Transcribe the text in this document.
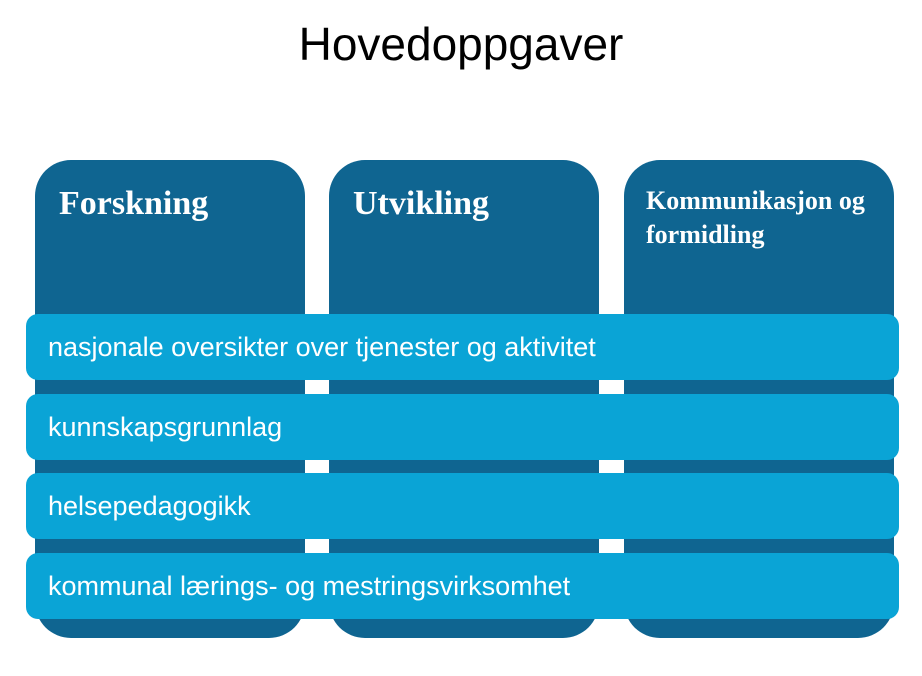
Hovedoppgaver
Forskning	Utvikling	Kommunikasjon og formidling
nasjonale oversikter over tjenester og aktivitet
kunnskapsgrunnlag
helsepedagogikk
kommunal lærings- og mestringsvirksomhet
